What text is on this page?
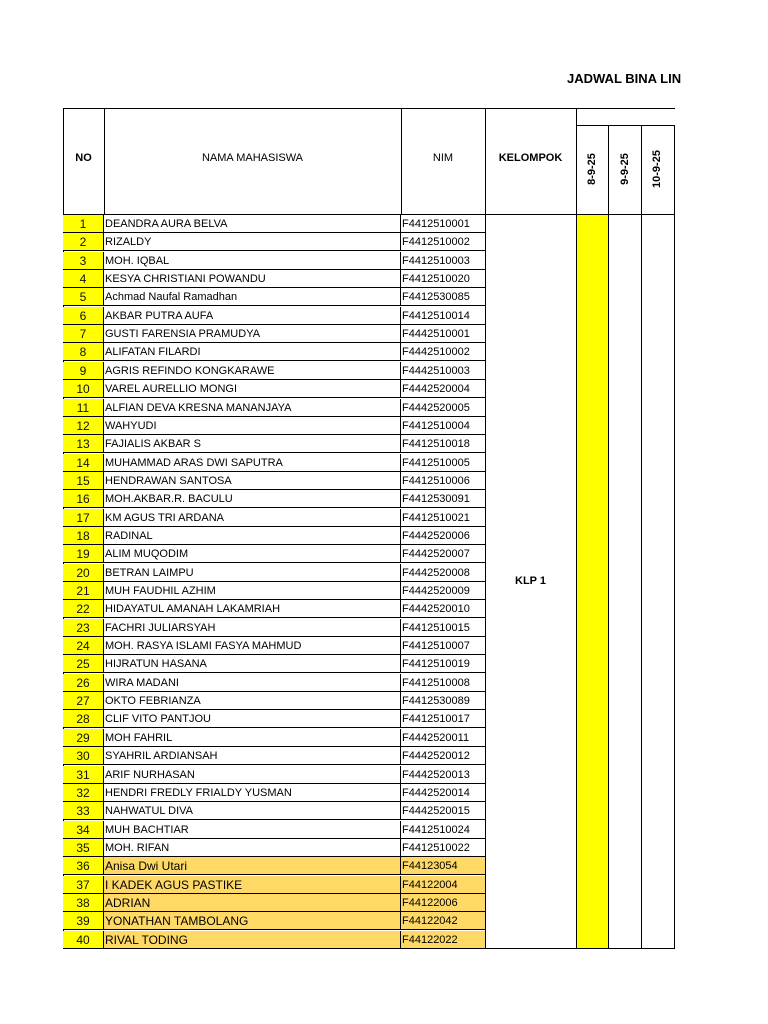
JADWAL BINA LIN
NO	NAMA MAHASISWA	NIM	KELOMPOK	8-9-25 9-9-25 10-9-25
KLP 1
1	DEANDRA AURA BELVA	F4412510001
2	RIZALDY	F4412510002
3	MOH. IQBAL	F4412510003
4	KESYA CHRISTIANI POWANDU	F4412510020
5	Achmad Naufal Ramadhan	F4412530085
6	AKBAR PUTRA AUFA	F4412510014
7	GUSTI FARENSIA PRAMUDYA	F4442510001
8	ALIFATAN FILARDI	F4442510002
9	AGRIS REFINDO KONGKARAWE	F4442510003
10	VAREL AURELLIO MONGI	F4442520004
11	ALFIAN DEVA KRESNA MANANJAYA	F4442520005
12	WAHYUDI	F4412510004
13	FAJIALIS AKBAR S	F4412510018
14	MUHAMMAD ARAS DWI SAPUTRA	F4412510005
15	HENDRAWAN SANTOSA	F4412510006
16	MOH.AKBAR.R. BACULU	F4412530091
17	KM AGUS TRI ARDANA	F4412510021
18	RADINAL	F4442520006
19	ALIM MUQODIM	F4442520007
20	BETRAN LAIMPU	F4442520008
21	MUH FAUDHIL AZHIM	F4442520009
22	HIDAYATUL AMANAH LAKAMRIAH	F4442520010
23	FACHRI JULIARSYAH	F4412510015
24	MOH. RASYA ISLAMI FASYA MAHMUD	F4412510007
25	HIJRATUN HASANA	F4412510019
26	WIRA MADANI	F4412510008
27	OKTO FEBRIANZA	F4412530089
28	CLIF VITO PANTJOU	F4412510017
29	MOH FAHRIL	F4442520011
30	SYAHRIL ARDIANSAH	F4442520012
31	ARIF NURHASAN	F4442520013
32	HENDRI FREDLY FRIALDY YUSMAN	F4442520014
33	NAHWATUL DIVA	F4442520015
34	MUH BACHTIAR	F4412510024
35	MOH. RIFAN	F4412510022
36	Anisa Dwi Utari	F44123054
37	I KADEK AGUS PASTIKE	F44122004
38	ADRIAN	F44122006
39	YONATHAN TAMBOLANG	F44122042
40	RIVAL TODING	F44122022
